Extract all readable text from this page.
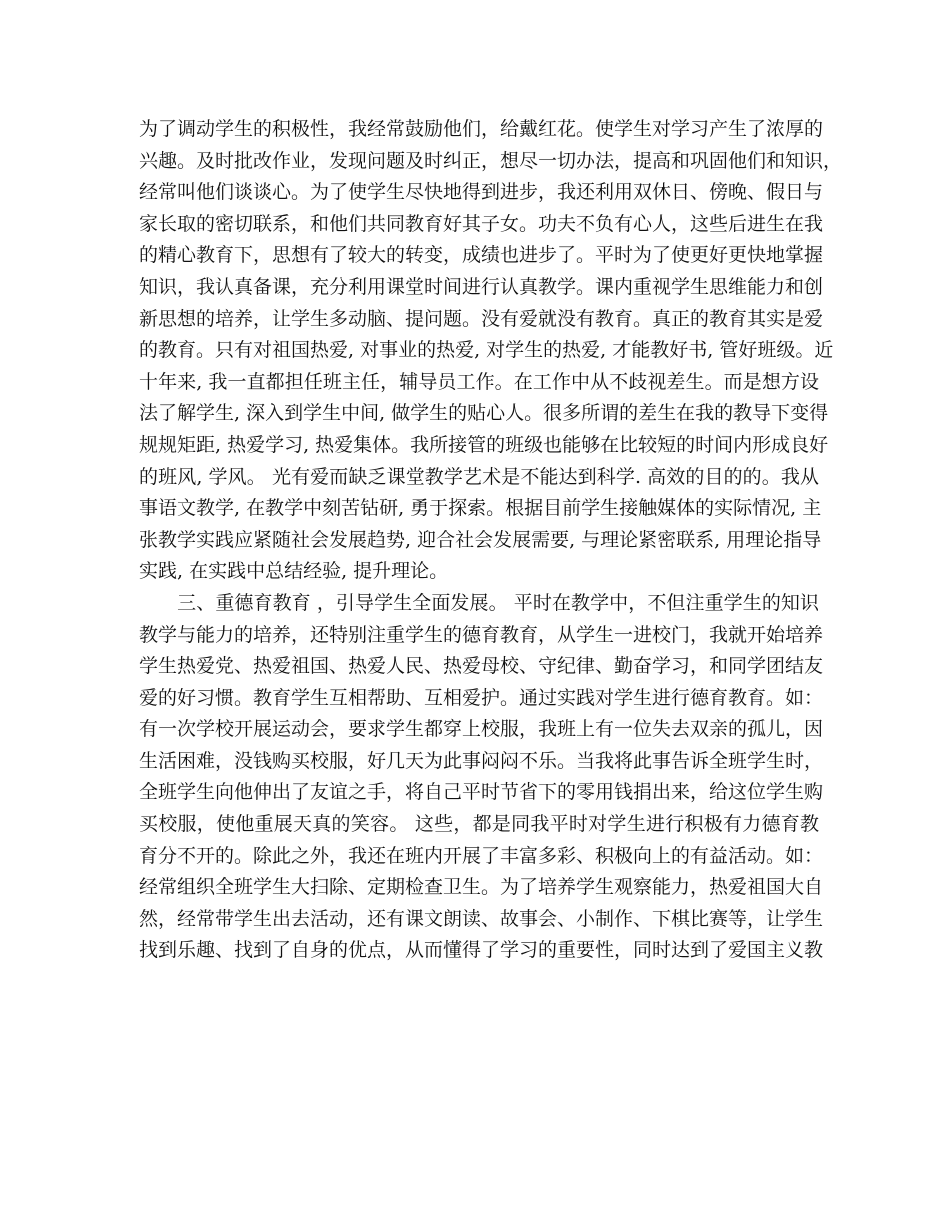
为了调动学生的积极性，我经常鼓励他们，给戴红花。使学生对学习产生了浓厚的
兴趣。及时批改作业，发现问题及时纠正，想尽一切办法，提高和巩固他们和知识，
经常叫他们谈谈心。为了使学生尽快地得到进步，我还利用双休日、傍晚、假日与
家长取的密切联系，和他们共同教育好其子女。功夫不负有心人，这些后进生在我
的精心教育下，思想有了较大的转变，成绩也进步了。平时为了使更好更快地掌握
知识，我认真备课，充分利用课堂时间进行认真教学。课内重视学生思维能力和创
新思想的培养，让学生多动脑、提问题。没有爱就没有教育。真正的教育其实是爱
的教育。只有对祖国热爱, 对事业的热爱, 对学生的热爱, 才能教好书, 管好班级。近
十年来, 我一直都担任班主任，辅导员工作。在工作中从不歧视差生。而是想方设
法了解学生, 深入到学生中间, 做学生的贴心人。很多所谓的差生在我的教导下变得
规规矩距, 热爱学习, 热爱集体。我所接管的班级也能够在比较短的时间内形成良好
的班风, 学风。 光有爱而缺乏课堂教学艺术是不能达到科学. 高效的目的的。我从
事语文教学, 在教学中刻苦钻研, 勇于探索。根据目前学生接触媒体的实际情况, 主
张教学实践应紧随社会发展趋势, 迎合社会发展需要, 与理论紧密联系, 用理论指导
实践, 在实践中总结经验, 提升理论。
　　三、重德育教育 ，引导学生全面发展。 平时在教学中，不但注重学生的知识
教学与能力的培养，还特别注重学生的德育教育，从学生一进校门，我就开始培养
学生热爱党、热爱祖国、热爱人民、热爱母校、守纪律、勤奋学习，和同学团结友
爱的好习惯。教育学生互相帮助、互相爱护。通过实践对学生进行德育教育。如：
有一次学校开展运动会，要求学生都穿上校服，我班上有一位失去双亲的孤儿，因
生活困难，没钱购买校服，好几天为此事闷闷不乐。当我将此事告诉全班学生时，
全班学生向他伸出了友谊之手，将自己平时节省下的零用钱捐出来，给这位学生购
买校服，使他重展天真的笑容。 这些，都是同我平时对学生进行积极有力德育教
育分不开的。除此之外，我还在班内开展了丰富多彩、积极向上的有益活动。如：
经常组织全班学生大扫除、定期检查卫生。为了培养学生观察能力，热爱祖国大自
然，经常带学生出去活动，还有课文朗读、故事会、小制作、下棋比赛等，让学生
找到乐趣、找到了自身的优点，从而懂得了学习的重要性，同时达到了爱国主义教
